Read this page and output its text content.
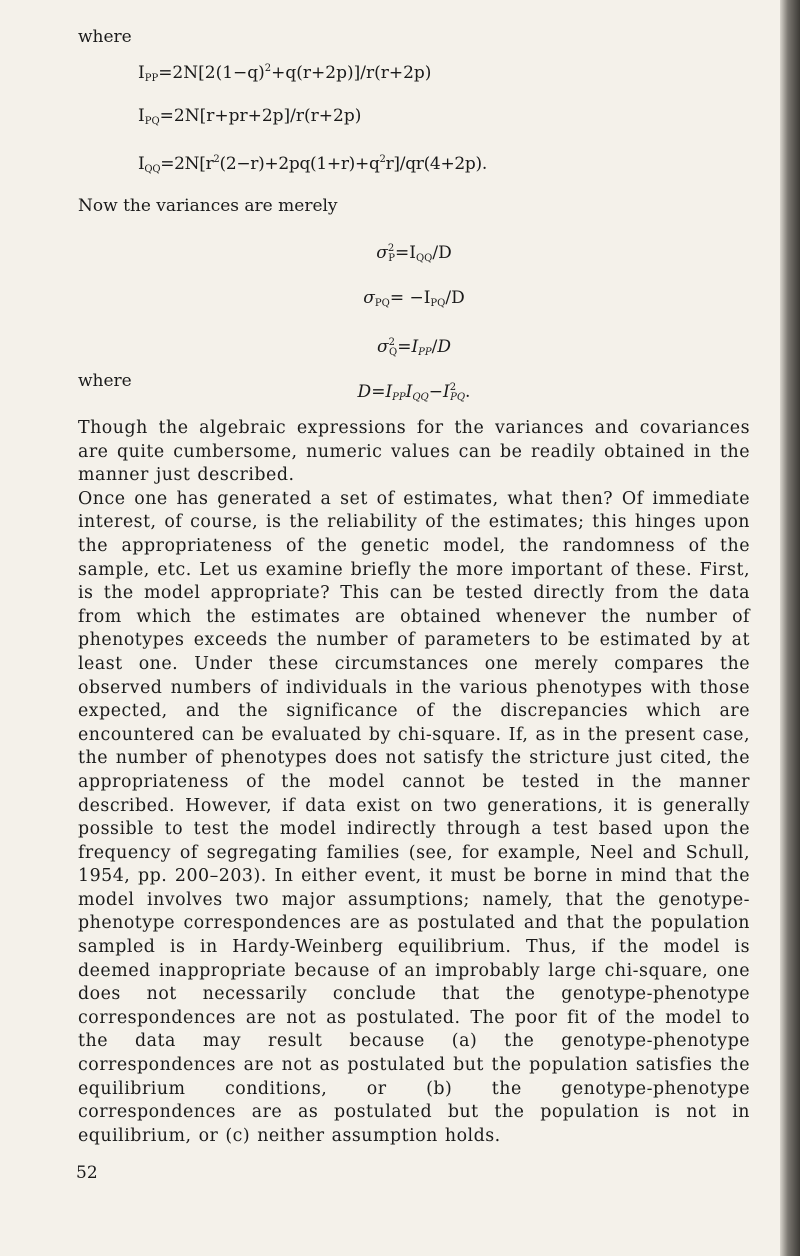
where

$I_{PP}=2N[2(1-q)^2+q(r+2p)]/r(r+2p)$

$I_{PQ}=2N[r+pr+2p]/r(r+2p)$

$I_{QQ}=2N[r^2(2-r)+2pq(1+r)+q^2r]/qr(4+2p)$.

Now the variances are merely

$\sigma^2_P=I_{QQ}/D$

$\sigma_{PQ}= -I_{PQ}/D$

$\sigma^2_Q=I_{PP}/D$

where

$D=I_{PP}I_{QQ}-I^2_{PQ}$.

Though the algebraic expressions for the variances and covariances are quite cumbersome, numeric values can be readily obtained in the manner just described.

Once one has generated a set of estimates, what then? Of immediate interest, of course, is the reliability of the estimates; this hinges upon the appropriateness of the genetic model, the randomness of the sample, etc. Let us examine briefly the more important of these. First, is the model appropriate? This can be tested directly from the data from which the estimates are obtained whenever the number of phenotypes exceeds the number of parameters to be estimated by at least one. Under these circumstances one merely compares the observed numbers of individuals in the various phenotypes with those expected, and the significance of the discrepancies which are encountered can be evaluated by chi-square. If, as in the present case, the number of phenotypes does not satisfy the stricture just cited, the appropriateness of the model cannot be tested in the manner described. However, if data exist on two generations, it is generally possible to test the model indirectly through a test based upon the frequency of segregating families (see, for example, Neel and Schull, 1954, pp. 200–203). In either event, it must be borne in mind that the model involves two major assumptions; namely, that the genotype-phenotype correspondences are as postulated and that the population sampled is in Hardy-Weinberg equilibrium. Thus, if the model is deemed inappropriate because of an improbably large chi-square, one does not necessarily conclude that the genotype-phenotype correspondences are not as postulated. The poor fit of the model to the data may result because (a) the genotype-phenotype correspondences are not as postulated but the population satisfies the equilibrium conditions, or (b) the genotype-phenotype correspondences are as postulated but the population is not in equilibrium, or (c) neither assumption holds.

52
